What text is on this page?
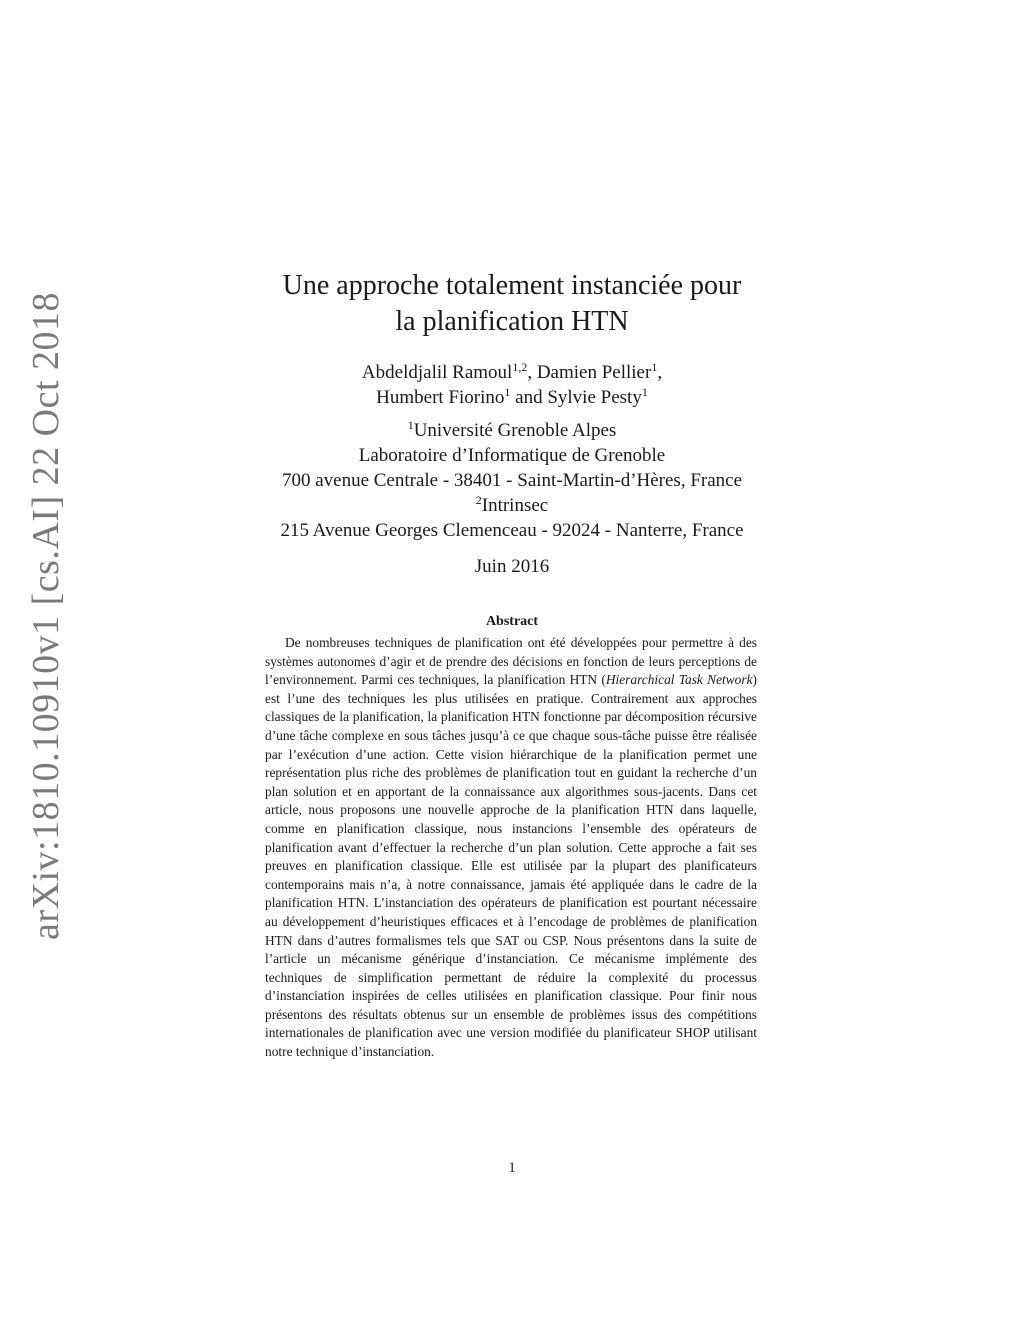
arXiv:1810.10910v1 [cs.AI] 22 Oct 2018
Une approche totalement instanciée pour
la planification HTN
Abdeldjalil Ramoul$^{1,2}$, Damien Pellier$^1$,
Humbert Fiorino$^1$ and Sylvie Pesty$^1$
$^1$Université Grenoble Alpes
Laboratoire d’Informatique de Grenoble
700 avenue Centrale - 38401 - Saint-Martin-d’Hères, France
$^2$Intrinsec
215 Avenue Georges Clemenceau - 92024 - Nanterre, France
Juin 2016
Abstract

De nombreuses techniques de planification ont été développées pour permettre à des systèmes autonomes d’agir et de prendre des décisions en fonction de leurs perceptions de l’environnement. Parmi ces techniques, la planification HTN (Hierarchical Task Network) est l’une des techniques les plus utilisées en pratique. Contrairement aux approches classiques de la planification, la planification HTN fonctionne par décomposition récursive d’une tâche complexe en sous tâches jusqu’à ce que chaque sous-tâche puisse être réalisée par l’exécution d’une action. Cette vision hiérarchique de la planification permet une représentation plus riche des problèmes de planification tout en guidant la recherche d’un plan solution et en apportant de la connaissance aux algorithmes sous-jacents. Dans cet article, nous proposons une nouvelle approche de la planification HTN dans laquelle, comme en planification classique, nous instancions l’ensemble des opérateurs de planification avant d’effectuer la recherche d’un plan solution. Cette approche a fait ses preuves en planification classique. Elle est utilisée par la plupart des planificateurs contemporains mais n’a, à notre connaissance, jamais été appliquée dans le cadre de la planification HTN. L’instanciation des opérateurs de planification est pourtant nécessaire au développement d’heuristiques efficaces et à l’encodage de problèmes de planification HTN dans d’autres formalismes tels que SAT ou CSP. Nous présentons dans la suite de l’article un mécanisme générique d’instanciation. Ce mécanisme implémente des techniques de simplification permettant de réduire la complexité du processus d’instanciation inspirées de celles utilisées en planification classique. Pour finir nous présentons des résultats obtenus sur un ensemble de problèmes issus des compétitions internationales de planification avec une version modifiée du planificateur SHOP utilisant notre technique d’instanciation.

1
